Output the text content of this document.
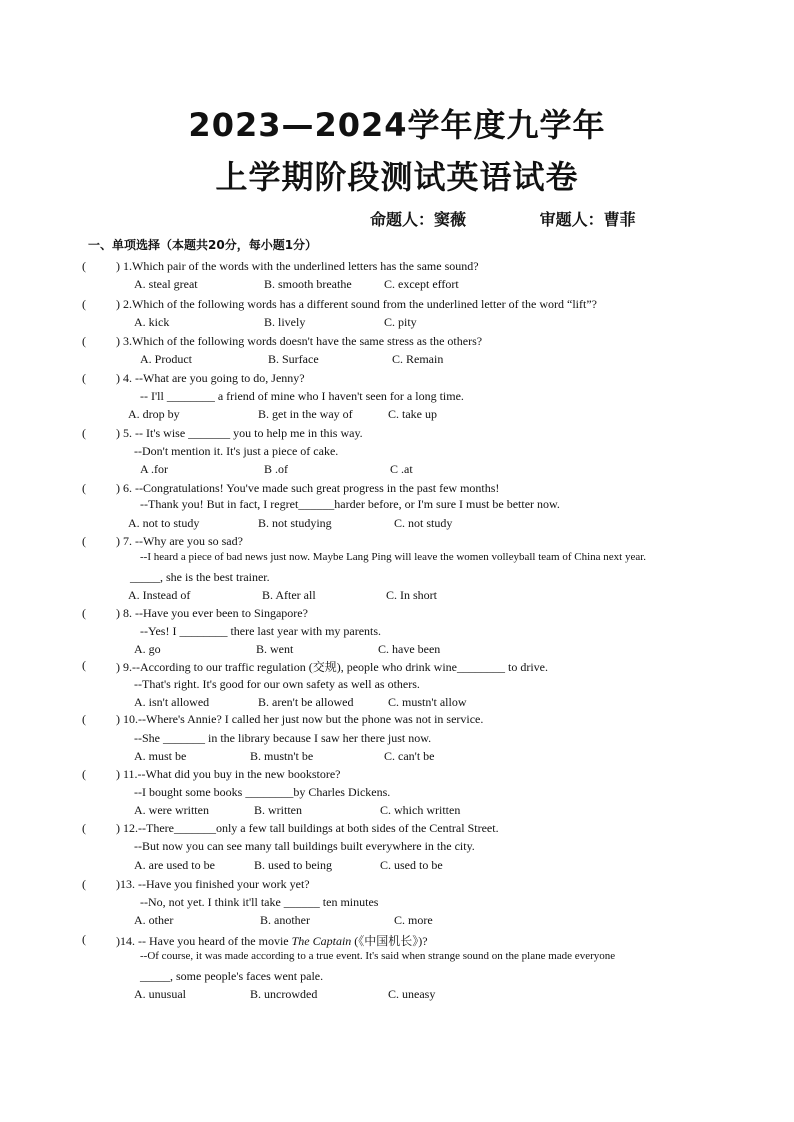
2023—2024学年度九学年
上学期阶段测试英语试卷
命题人：窦薇	审题人：曹菲
一、单项选择（本题共20分，每小题1分）
(	) 1.Which pair of the words with the underlined letters has the same sound?
A. steal great	B. smooth breathe	C. except effort
(	) 2.Which of the following words has a different sound from the underlined letter of the word “lift”?
A. kick	B. lively	C. pity
(	) 3.Which of the following words doesn't have the same stress as the others?
A. Product	B. Surface	C. Remain
(	) 4. --What are you going to do, Jenny?
-- I'll ________ a friend of mine who I haven't seen for a long time.
A. drop by	B. get in the way of	C. take up
(	) 5. -- It's wise _______ you to help me in this way.
--Don't mention it. It's just a piece of cake.
A .for	B .of	C .at
(	) 6. --Congratulations! You've made such great progress in the past few months!
--Thank you! But in fact, I regret______harder before, or I'm sure I must be better now.
A. not to study	B. not studying	C. not study
(	) 7. --Why are you so sad?
--I heard a piece of bad news just now. Maybe Lang Ping will leave the women volleyball team of China next year.
_____, she is the best trainer.
A. Instead of	B. After all	C. In short
(	) 8. --Have you ever been to Singapore?
--Yes! I ________ there last year with my parents.
A. go	B. went	C. have been
(	) 9.--According to our traffic regulation (交规), people who drink wine________ to drive.
--That's right. It's good for our own safety as well as others.
A. isn't allowed	B. aren't be allowed	C. mustn't allow
(	) 10.--Where's Annie? I called her just now but the phone was not in service.
--She _______ in the library because I saw her there just now.
A. must be	B. mustn't be	C. can't be
(	) 11.--What did you buy in the new bookstore?
--I bought some books ________by Charles Dickens.
A. were written	B. written	C. which written
(	) 12.--There_______only a few tall buildings at both sides of the Central Street.
--But now you can see many tall buildings built everywhere in the city.
A. are used to be	B. used to being	C. used to be
(	)13. --Have you finished your work yet?
--No, not yet. I think it'll take ______ ten minutes
A. other	B. another	C. more
(	)14. -- Have you heard of the movie The Captain (《中国机长》)?
--Of course, it was made according to a true event. It's said when strange sound on the plane made everyone
_____, some people's faces went pale.
A. unusual	B. uncrowded	C. uneasy
